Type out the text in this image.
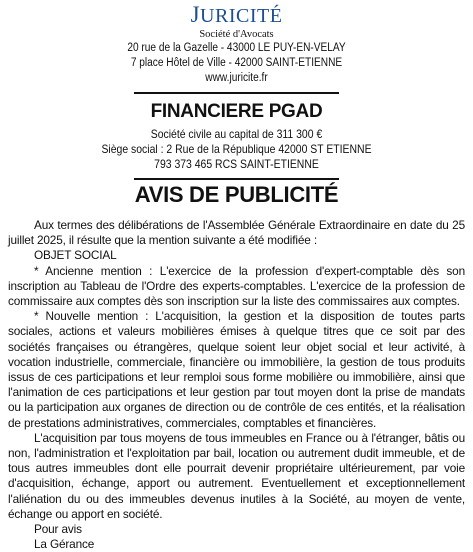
JURICITÉ
Société d'Avocats
20 rue de la Gazelle - 43000 LE PUY-EN-VELAY
7 place Hôtel de Ville - 42000 SAINT-ETIENNE
www.juricite.fr
FINANCIERE PGAD
Société civile au capital de 311 300 €
Siège social : 2 Rue de la République 42000 ST ETIENNE
793 373 465 RCS SAINT-ETIENNE
AVIS DE PUBLICITÉ

Aux termes des délibérations de l'Assemblée Générale Extraordinaire en date du 25 juillet 2025, il résulte que la mention suivante a été modifiée :

OBJET SOCIAL

* Ancienne mention : L'exercice de la profession d'expert-comptable dès son inscription au Tableau de l'Ordre des experts-comptables. L'exercice de la profession de commissaire aux comptes dès son inscription sur la liste des commissaires aux comptes.

* Nouvelle mention : L'acquisition, la gestion et la disposition de toutes parts sociales, actions et valeurs mobilières émises à quelque titres que ce soit par des sociétés françaises ou étrangères, quelque soient leur objet social et leur activité, à vocation industrielle, commerciale, financière ou immobilière, la gestion de tous produits issus de ces participations et leur remploi sous forme mobilière ou immobilière, ainsi que l'animation de ces participations et leur gestion par tout moyen dont la prise de mandats ou la participation aux organes de direction ou de contrôle de ces entités, et la réalisation de prestations administratives, commerciales, comptables et financières.

L'acquisition par tous moyens de tous immeubles en France ou à l'étranger, bâtis ou non, l'administration et l'exploitation par bail, location ou autrement dudit immeuble, et de tous autres immeubles dont elle pourrait devenir propriétaire ultérieurement, par voie d'acquisition, échange, apport ou autrement. Eventuellement et exceptionnellement l'aliénation du ou des immeubles devenus inutiles à la Société, au moyen de vente, échange ou apport en société.

Pour avis

La Gérance
